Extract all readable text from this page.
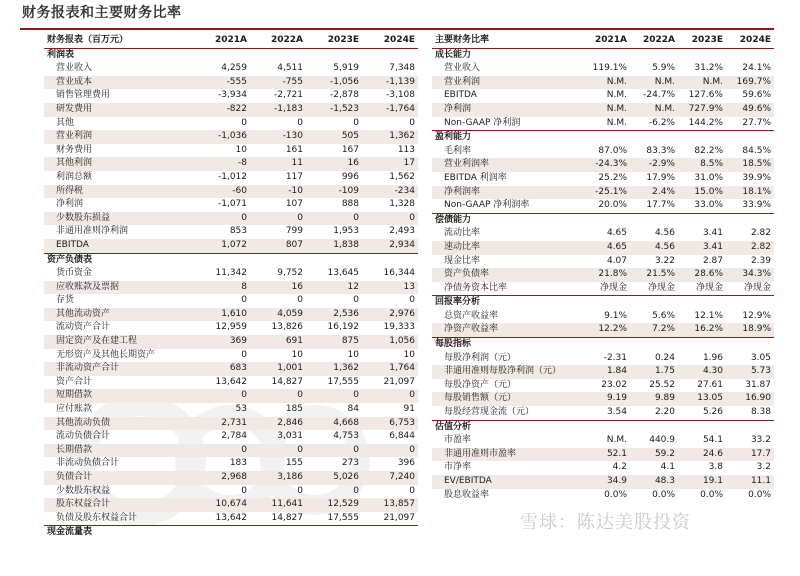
财务报表和主要财务比率
财务报表（百万元）	2021A	2022A	2023E	2024E
利润表				
营业收入	4,259	4,511	5,919	7,348
营业成本	-555	-755	-1,056	-1,139
销售管理费用	-3,934	-2,721	-2,878	-3,108
研发费用	-822	-1,183	-1,523	-1,764
其他	0	0	0	0
营业利润	-1,036	-130	505	1,362
财务费用	10	161	167	113
其他利润	-8	11	16	17
利润总额	-1,012	117	996	1,562
所得税	-60	-10	-109	-234
净利润	-1,071	107	888	1,328
少数股东损益	0	0	0	0
非通用准则净利润	853	799	1,953	2,493
EBITDA	1,072	807	1,838	2,934
资产负债表				
货币资金	11,342	9,752	13,645	16,344
应收账款及票据	8	16	12	13
存货	0	0	0	0
其他流动资产	1,610	4,059	2,536	2,976
流动资产合计	12,959	13,826	16,192	19,333
固定资产及在建工程	369	691	875	1,056
无形资产及其他长期资产	0	10	10	10
非流动资产合计	683	1,001	1,362	1,764
资产合计	13,642	14,827	17,555	21,097
短期借款	0	0	0	0
应付账款	53	185	84	91
其他流动负债	2,731	2,846	4,668	6,753
流动负债合计	2,784	3,031	4,753	6,844
长期借款	0	0	0	0
非流动负债合计	183	155	273	396
负债合计	2,968	3,186	5,026	7,240
少数股东权益	0	0	0	0
股东权益合计	10,674	11,641	12,529	13,857
负债及股东权益合计	13,642	14,827	17,555	21,097
现金流量表				
主要财务比率	2021A	2022A	2023E	2024E
成长能力				
营业收入	119.1%	5.9%	31.2%	24.1%
营业利润	N.M.	N.M.	N.M.	169.7%
EBITDA	N.M.	-24.7%	127.6%	59.6%
净利润	N.M.	N.M.	727.9%	49.6%
Non-GAAP 净利润	N.M.	-6.2%	144.2%	27.7%
盈利能力				
毛利率	87.0%	83.3%	82.2%	84.5%
营业利润率	-24.3%	-2.9%	8.5%	18.5%
EBITDA 利润率	25.2%	17.9%	31.0%	39.9%
净利润率	-25.1%	2.4%	15.0%	18.1%
Non-GAAP 净利润率	20.0%	17.7%	33.0%	33.9%
偿债能力				
流动比率	4.65	4.56	3.41	2.82
速动比率	4.65	4.56	3.41	2.82
现金比率	4.07	3.22	2.87	2.39
资产负债率	21.8%	21.5%	28.6%	34.3%
净债务资本比率	净现金	净现金	净现金	净现金
回报率分析				
总资产收益率	9.1%	5.6%	12.1%	12.9%
净资产收益率	12.2%	7.2%	16.2%	18.9%
每股指标				
每股净利润（元）	-2.31	0.24	1.96	3.05
非通用准则每股净利润（元）	1.84	1.75	4.30	5.73
每股净资产（元）	23.02	25.52	27.61	31.87
每股销售额（元）	9.19	9.89	13.05	16.90
每股经营现金流（元）	3.54	2.20	5.26	8.38
估值分析				
市盈率	N.M.	440.9	54.1	33.2
非通用准则市盈率	52.1	59.2	24.6	17.7
市净率	4.2	4.1	3.8	3.2
EV/EBITDA	34.9	48.3	19.1	11.1
股息收益率	0.0%	0.0%	0.0%	0.0%
雪球：陈达美股投资
